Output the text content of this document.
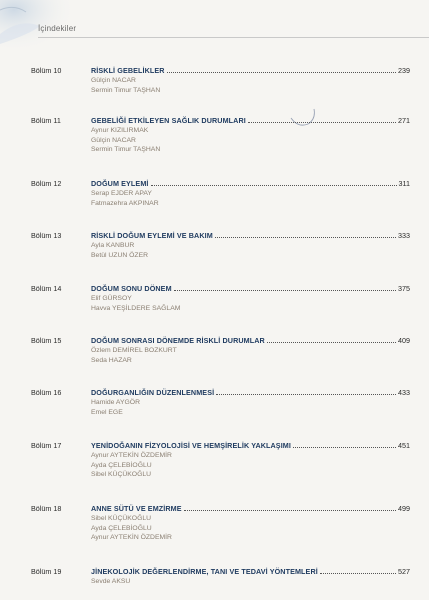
İçindekiler
Bölüm 10	RİSKLİ GEBELİKLER	239
Gülçin NACAR
Sermin Timur TAŞHAN
Bölüm 11	GEBELİĞİ ETKİLEYEN SAĞLIK DURUMLARI	271
Aynur KIZILIRMAK
Gülçin NACAR
Sermin Timur TAŞHAN
Bölüm 12	DOĞUM EYLEMİ	311
Serap EJDER APAY
Fatmazehra AKPINAR
Bölüm 13	RİSKLİ DOĞUM EYLEMİ VE BAKIM	333
Ayla KANBUR
Betül UZUN ÖZER
Bölüm 14	DOĞUM SONU DÖNEM	375
Elif GÜRSOY
Havva YEŞİLDERE SAĞLAM
Bölüm 15	DOĞUM SONRASI DÖNEMDE RİSKLİ DURUMLAR	409
Özlem DEMİREL BOZKURT
Seda HAZAR
Bölüm 16	DOĞURGANLIĞIN DÜZENLENMESİ	433
Hamide AYGÖR
Emel EGE
Bölüm 17	YENİDOĞANIN FİZYOLOJİSİ VE HEMŞİRELİK YAKLAŞIMI	451
Aynur AYTEKİN ÖZDEMİR
Ayda ÇELEBİOĞLU
Sibel KÜÇÜKOĞLU
Bölüm 18	ANNE SÜTÜ VE EMZİRME	499
Sibel KÜÇÜKOĞLU
Ayda ÇELEBİOĞLU
Aynur AYTEKİN ÖZDEMİR
Bölüm 19	JİNEKOLOJİK DEĞERLENDİRME, TANI VE TEDAVİ YÖNTEMLERİ	527
Sevde AKSU
